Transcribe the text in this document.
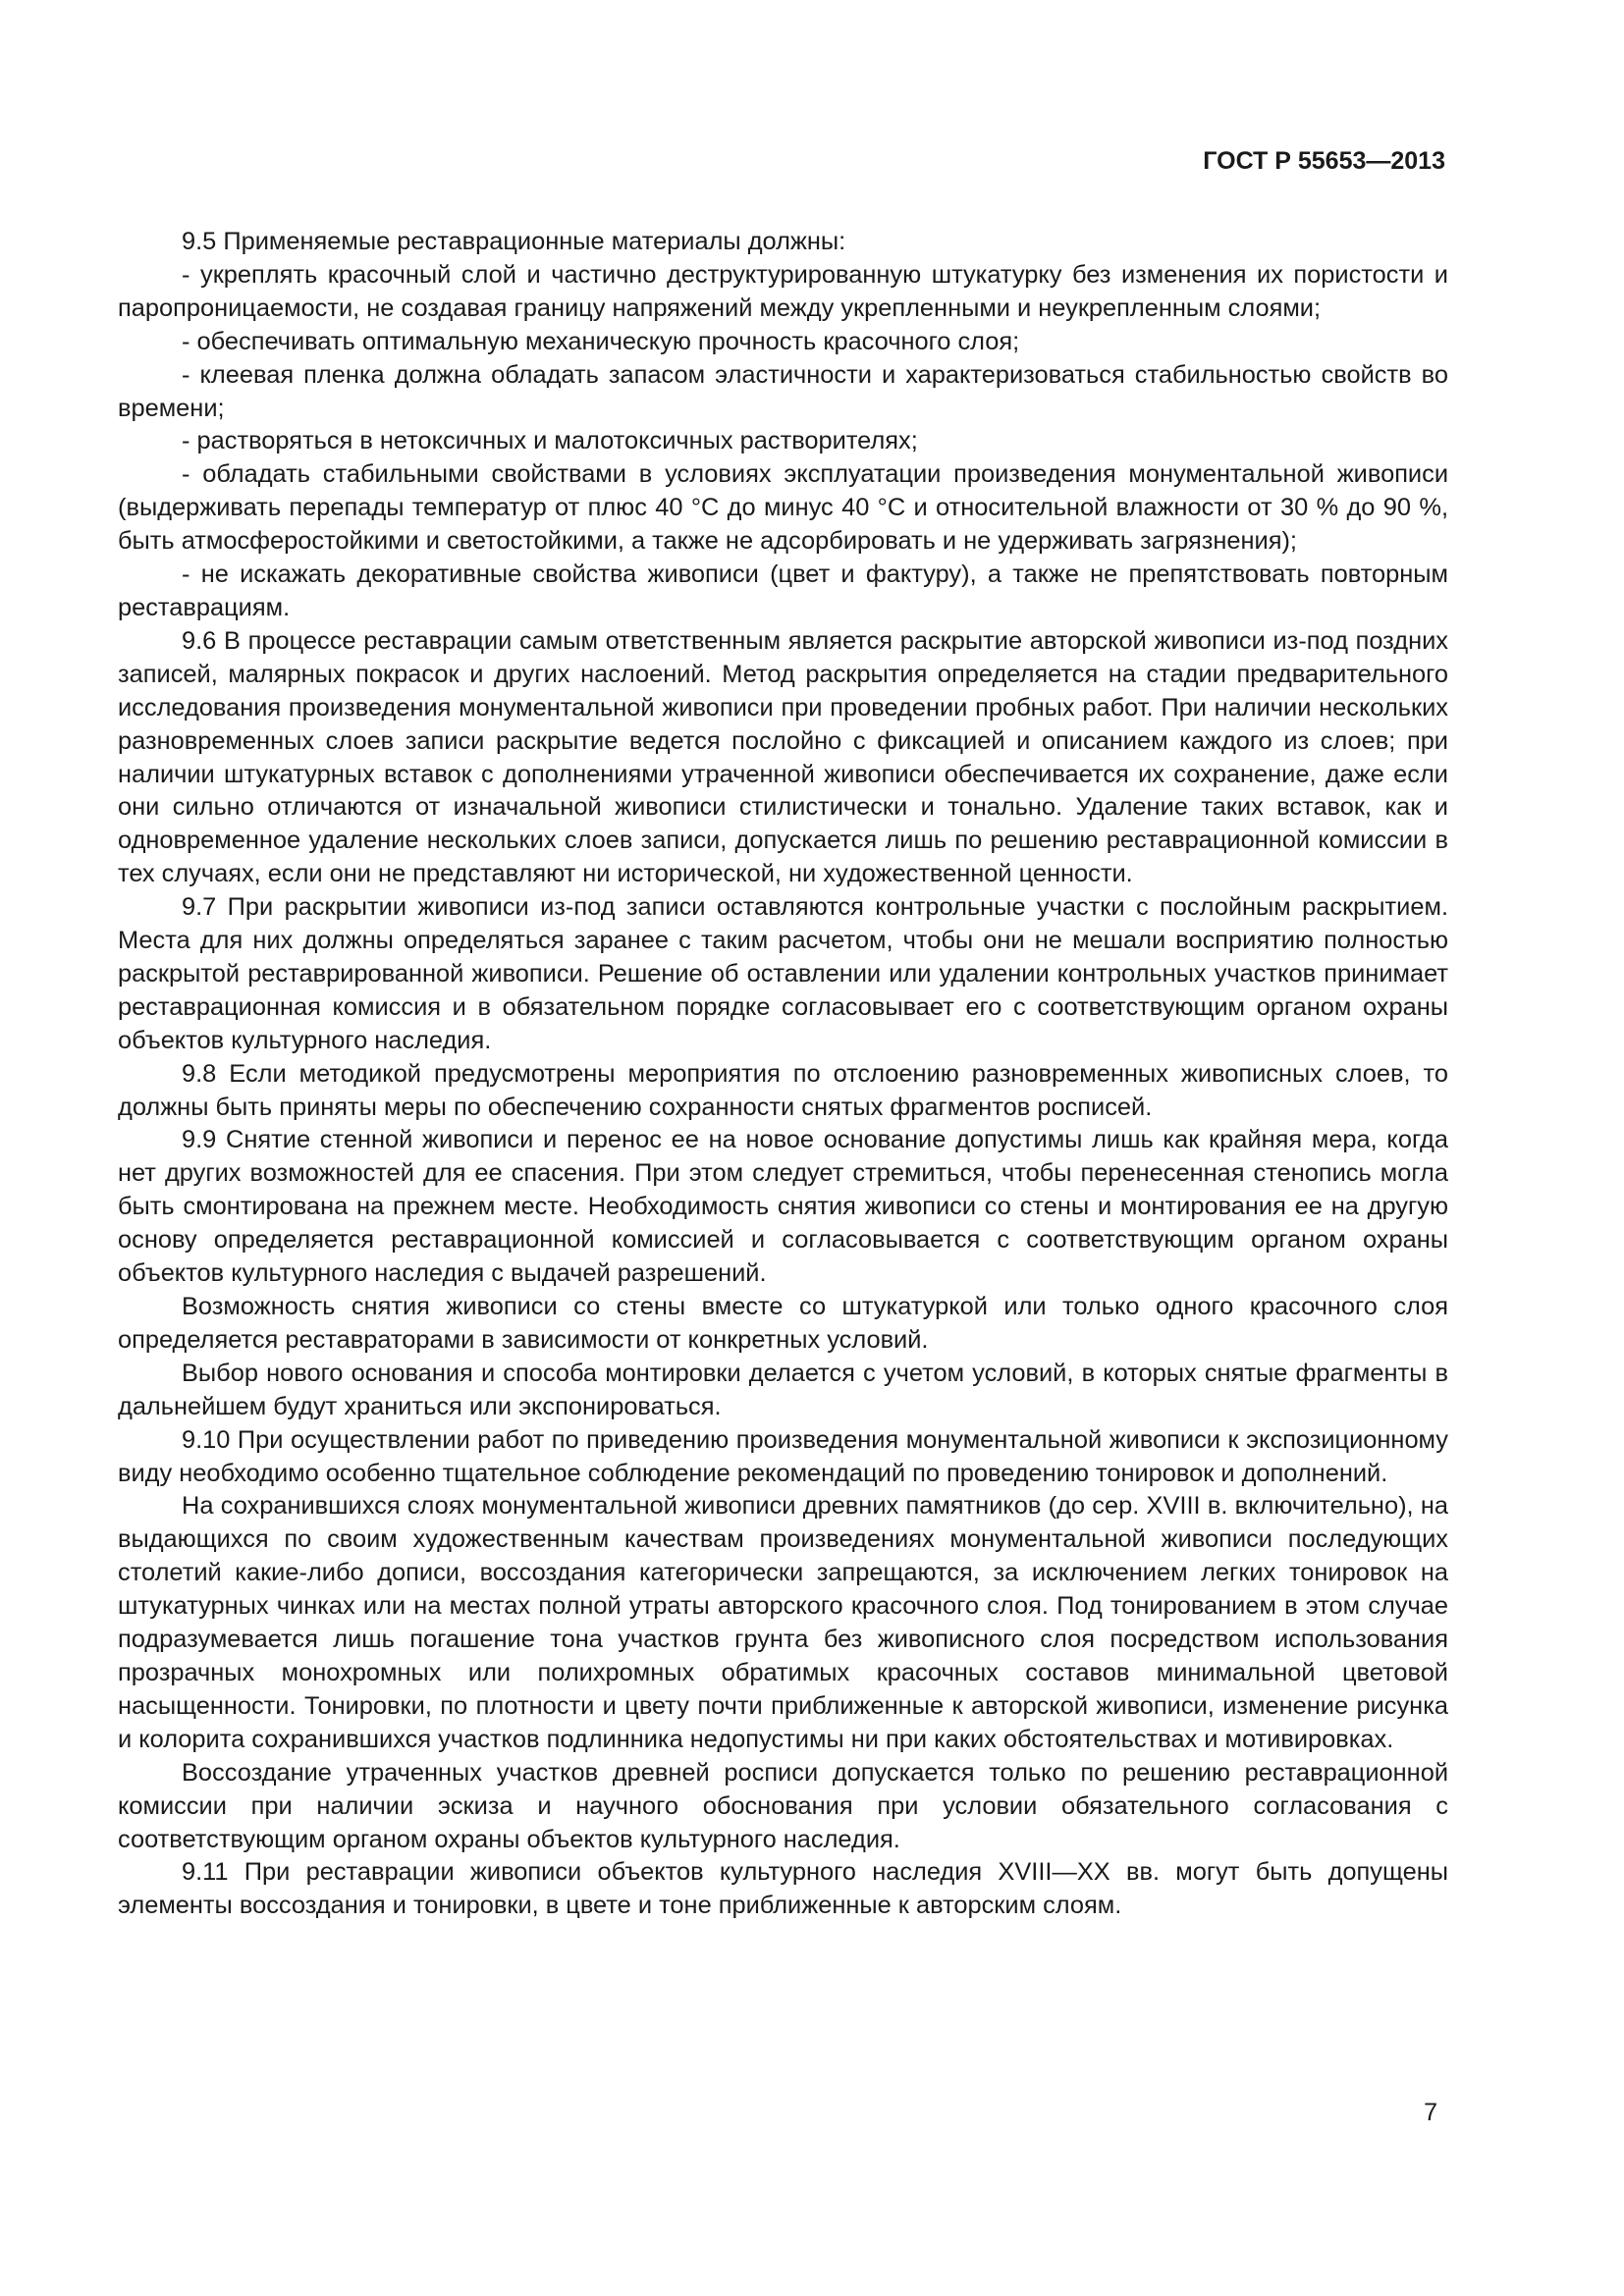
ГОСТ Р 55653—2013

9.5 Применяемые реставрационные материалы должны:

- укреплять красочный слой и частично деструктурированную штукатурку без изменения их пористости и паропроницаемости, не создавая границу напряжений между укрепленными и неукрепленным слоями;

- обеспечивать оптимальную механическую прочность красочного слоя;

- клеевая пленка должна обладать запасом эластичности и характеризоваться стабильностью свойств во времени;

- растворяться в нетоксичных и малотоксичных растворителях;

- обладать стабильными свойствами в условиях эксплуатации произведения монументальной живописи (выдерживать перепады температур от плюс 40 °С до минус 40 °С и относительной влажности от 30 % до 90 %, быть атмосферостойкими и светостойкими, а также не адсорбировать и не удерживать загрязнения);

- не искажать декоративные свойства живописи (цвет и фактуру), а также не препятствовать повторным реставрациям.

9.6 В процессе реставрации самым ответственным является раскрытие авторской живописи из-под поздних записей, малярных покрасок и других наслоений. Метод раскрытия определяется на стадии предварительного исследования произведения монументальной живописи при проведении пробных работ. При наличии нескольких разновременных слоев записи раскрытие ведется послойно с фиксацией и описанием каждого из слоев; при наличии штукатурных вставок с дополнениями утраченной живописи обеспечивается их сохранение, даже если они сильно отличаются от изначальной живописи стилистически и тонально. Удаление таких вставок, как и одновременное удаление нескольких слоев записи, допускается лишь по решению реставрационной комиссии в тех случаях, если они не представляют ни исторической, ни художественной ценности.

9.7 При раскрытии живописи из-под записи оставляются контрольные участки с послойным раскрытием. Места для них должны определяться заранее с таким расчетом, чтобы они не мешали восприятию полностью раскрытой реставрированной живописи. Решение об оставлении или удалении контрольных участков принимает реставрационная комиссия и в обязательном порядке согласовывает его с соответствующим органом охраны объектов культурного наследия.

9.8 Если методикой предусмотрены мероприятия по отслоению разновременных живописных слоев, то должны быть приняты меры по обеспечению сохранности снятых фрагментов росписей.

9.9 Снятие стенной живописи и перенос ее на новое основание допустимы лишь как крайняя мера, когда нет других возможностей для ее спасения. При этом следует стремиться, чтобы перенесенная стенопись могла быть смонтирована на прежнем месте. Необходимость снятия живописи со стены и монтирования ее на другую основу определяется реставрационной комиссией и согласовывается с соответствующим органом охраны объектов культурного наследия с выдачей разрешений.

Возможность снятия живописи со стены вместе со штукатуркой или только одного красочного слоя определяется реставраторами в зависимости от конкретных условий.

Выбор нового основания и способа монтировки делается с учетом условий, в которых снятые фрагменты в дальнейшем будут храниться или экспонироваться.

9.10 При осуществлении работ по приведению произведения монументальной живописи к экспозиционному виду необходимо особенно тщательное соблюдение рекомендаций по проведению тонировок и дополнений.

На сохранившихся слоях монументальной живописи древних памятников (до сер. XVIII в. включительно), на выдающихся по своим художественным качествам произведениях монументальной живописи последующих столетий какие-либо дописи, воссоздания категорически запрещаются, за исключением легких тонировок на штукатурных чинках или на местах полной утраты авторского красочного слоя. Под тонированием в этом случае подразумевается лишь погашение тона участков грунта без живописного слоя посредством использования прозрачных монохромных или полихромных обратимых красочных составов минимальной цветовой насыщенности. Тонировки, по плотности и цвету почти приближенные к авторской живописи, изменение рисунка и колорита сохранившихся участков подлинника недопустимы ни при каких обстоятельствах и мотивировках.

Воссоздание утраченных участков древней росписи допускается только по решению реставрационной комиссии при наличии эскиза и научного обоснования при условии обязательного согласования с соответствующим органом охраны объектов культурного наследия.

9.11 При реставрации живописи объектов культурного наследия XVIII—XX вв. могут быть допущены элементы воссоздания и тонировки, в цвете и тоне приближенные к авторским слоям.

7
